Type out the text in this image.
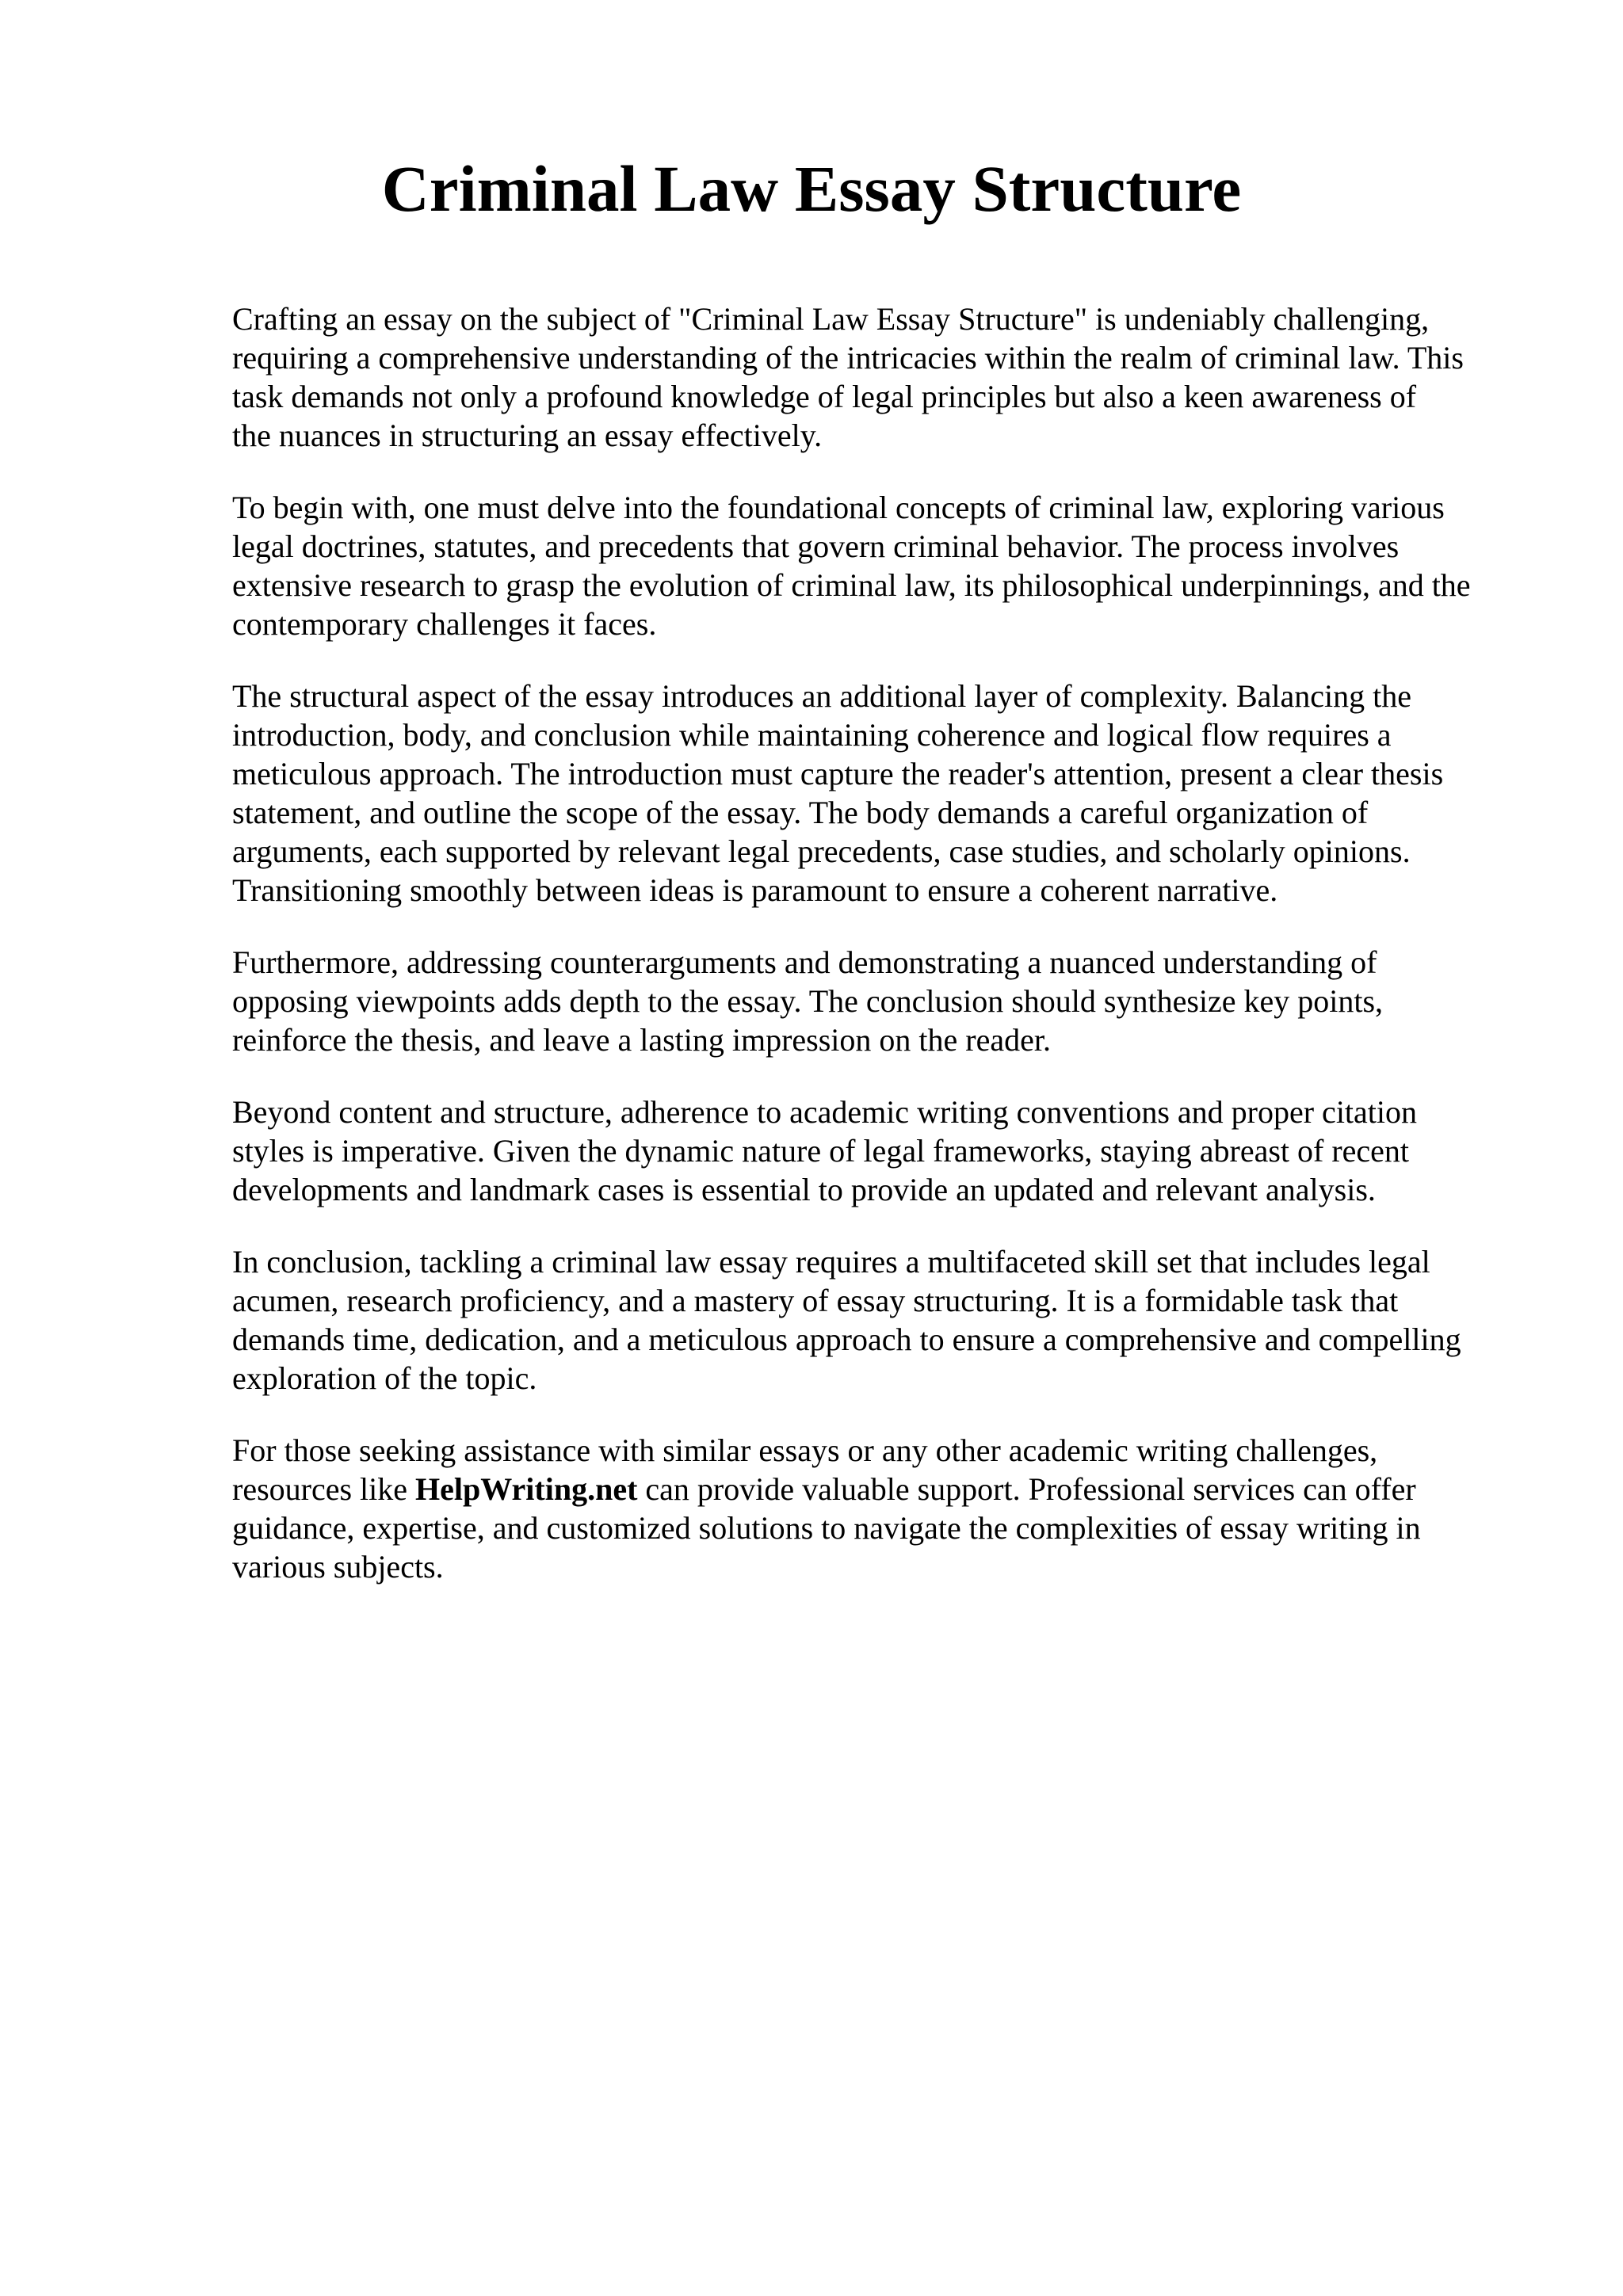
Criminal Law Essay Structure

Crafting an essay on the subject of "Criminal Law Essay Structure" is undeniably challenging,
requiring a comprehensive understanding of the intricacies within the realm of criminal law. This
task demands not only a profound knowledge of legal principles but also a keen awareness of
the nuances in structuring an essay effectively.

To begin with, one must delve into the foundational concepts of criminal law, exploring various
legal doctrines, statutes, and precedents that govern criminal behavior. The process involves
extensive research to grasp the evolution of criminal law, its philosophical underpinnings, and the
contemporary challenges it faces.

The structural aspect of the essay introduces an additional layer of complexity. Balancing the
introduction, body, and conclusion while maintaining coherence and logical flow requires a
meticulous approach. The introduction must capture the reader's attention, present a clear thesis
statement, and outline the scope of the essay. The body demands a careful organization of
arguments, each supported by relevant legal precedents, case studies, and scholarly opinions.
Transitioning smoothly between ideas is paramount to ensure a coherent narrative.

Furthermore, addressing counterarguments and demonstrating a nuanced understanding of
opposing viewpoints adds depth to the essay. The conclusion should synthesize key points,
reinforce the thesis, and leave a lasting impression on the reader.

Beyond content and structure, adherence to academic writing conventions and proper citation
styles is imperative. Given the dynamic nature of legal frameworks, staying abreast of recent
developments and landmark cases is essential to provide an updated and relevant analysis.

In conclusion, tackling a criminal law essay requires a multifaceted skill set that includes legal
acumen, research proficiency, and a mastery of essay structuring. It is a formidable task that
demands time, dedication, and a meticulous approach to ensure a comprehensive and compelling
exploration of the topic.

For those seeking assistance with similar essays or any other academic writing challenges,
resources like HelpWriting.net can provide valuable support. Professional services can offer
guidance, expertise, and customized solutions to navigate the complexities of essay writing in
various subjects.
